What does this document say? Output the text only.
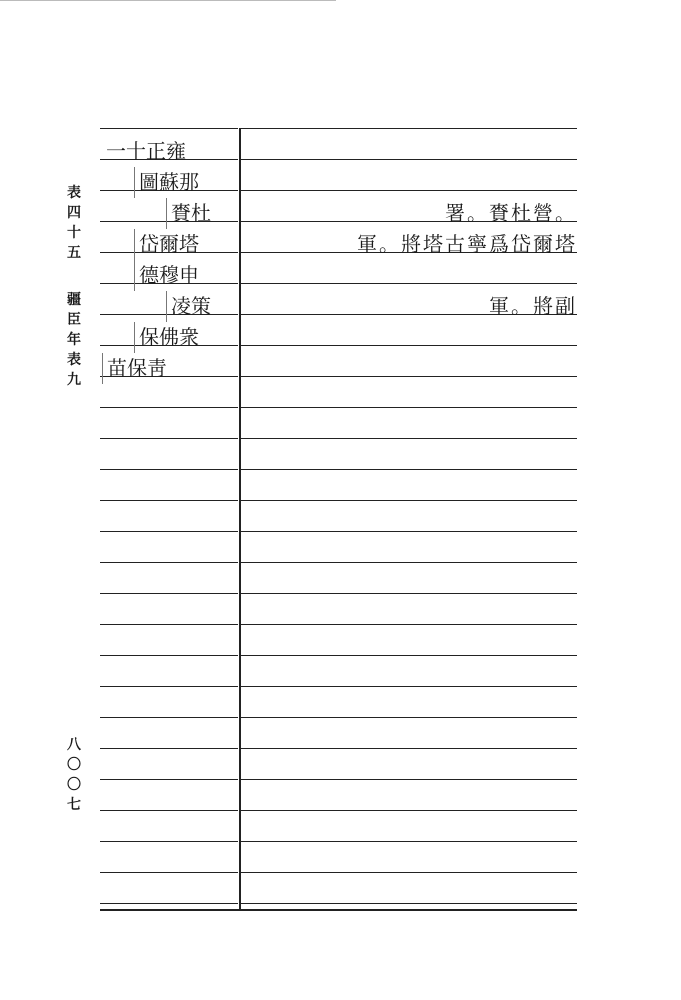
表
四
十
五
疆
臣
年
表
九
八
〇
〇
七
一十正雍
圖蘇那
賚杜	署。賚杜營。
岱爾塔	軍。將塔古寧爲岱爾塔
德穆申
凌策	軍。將副
保佛衆
苗保靑
